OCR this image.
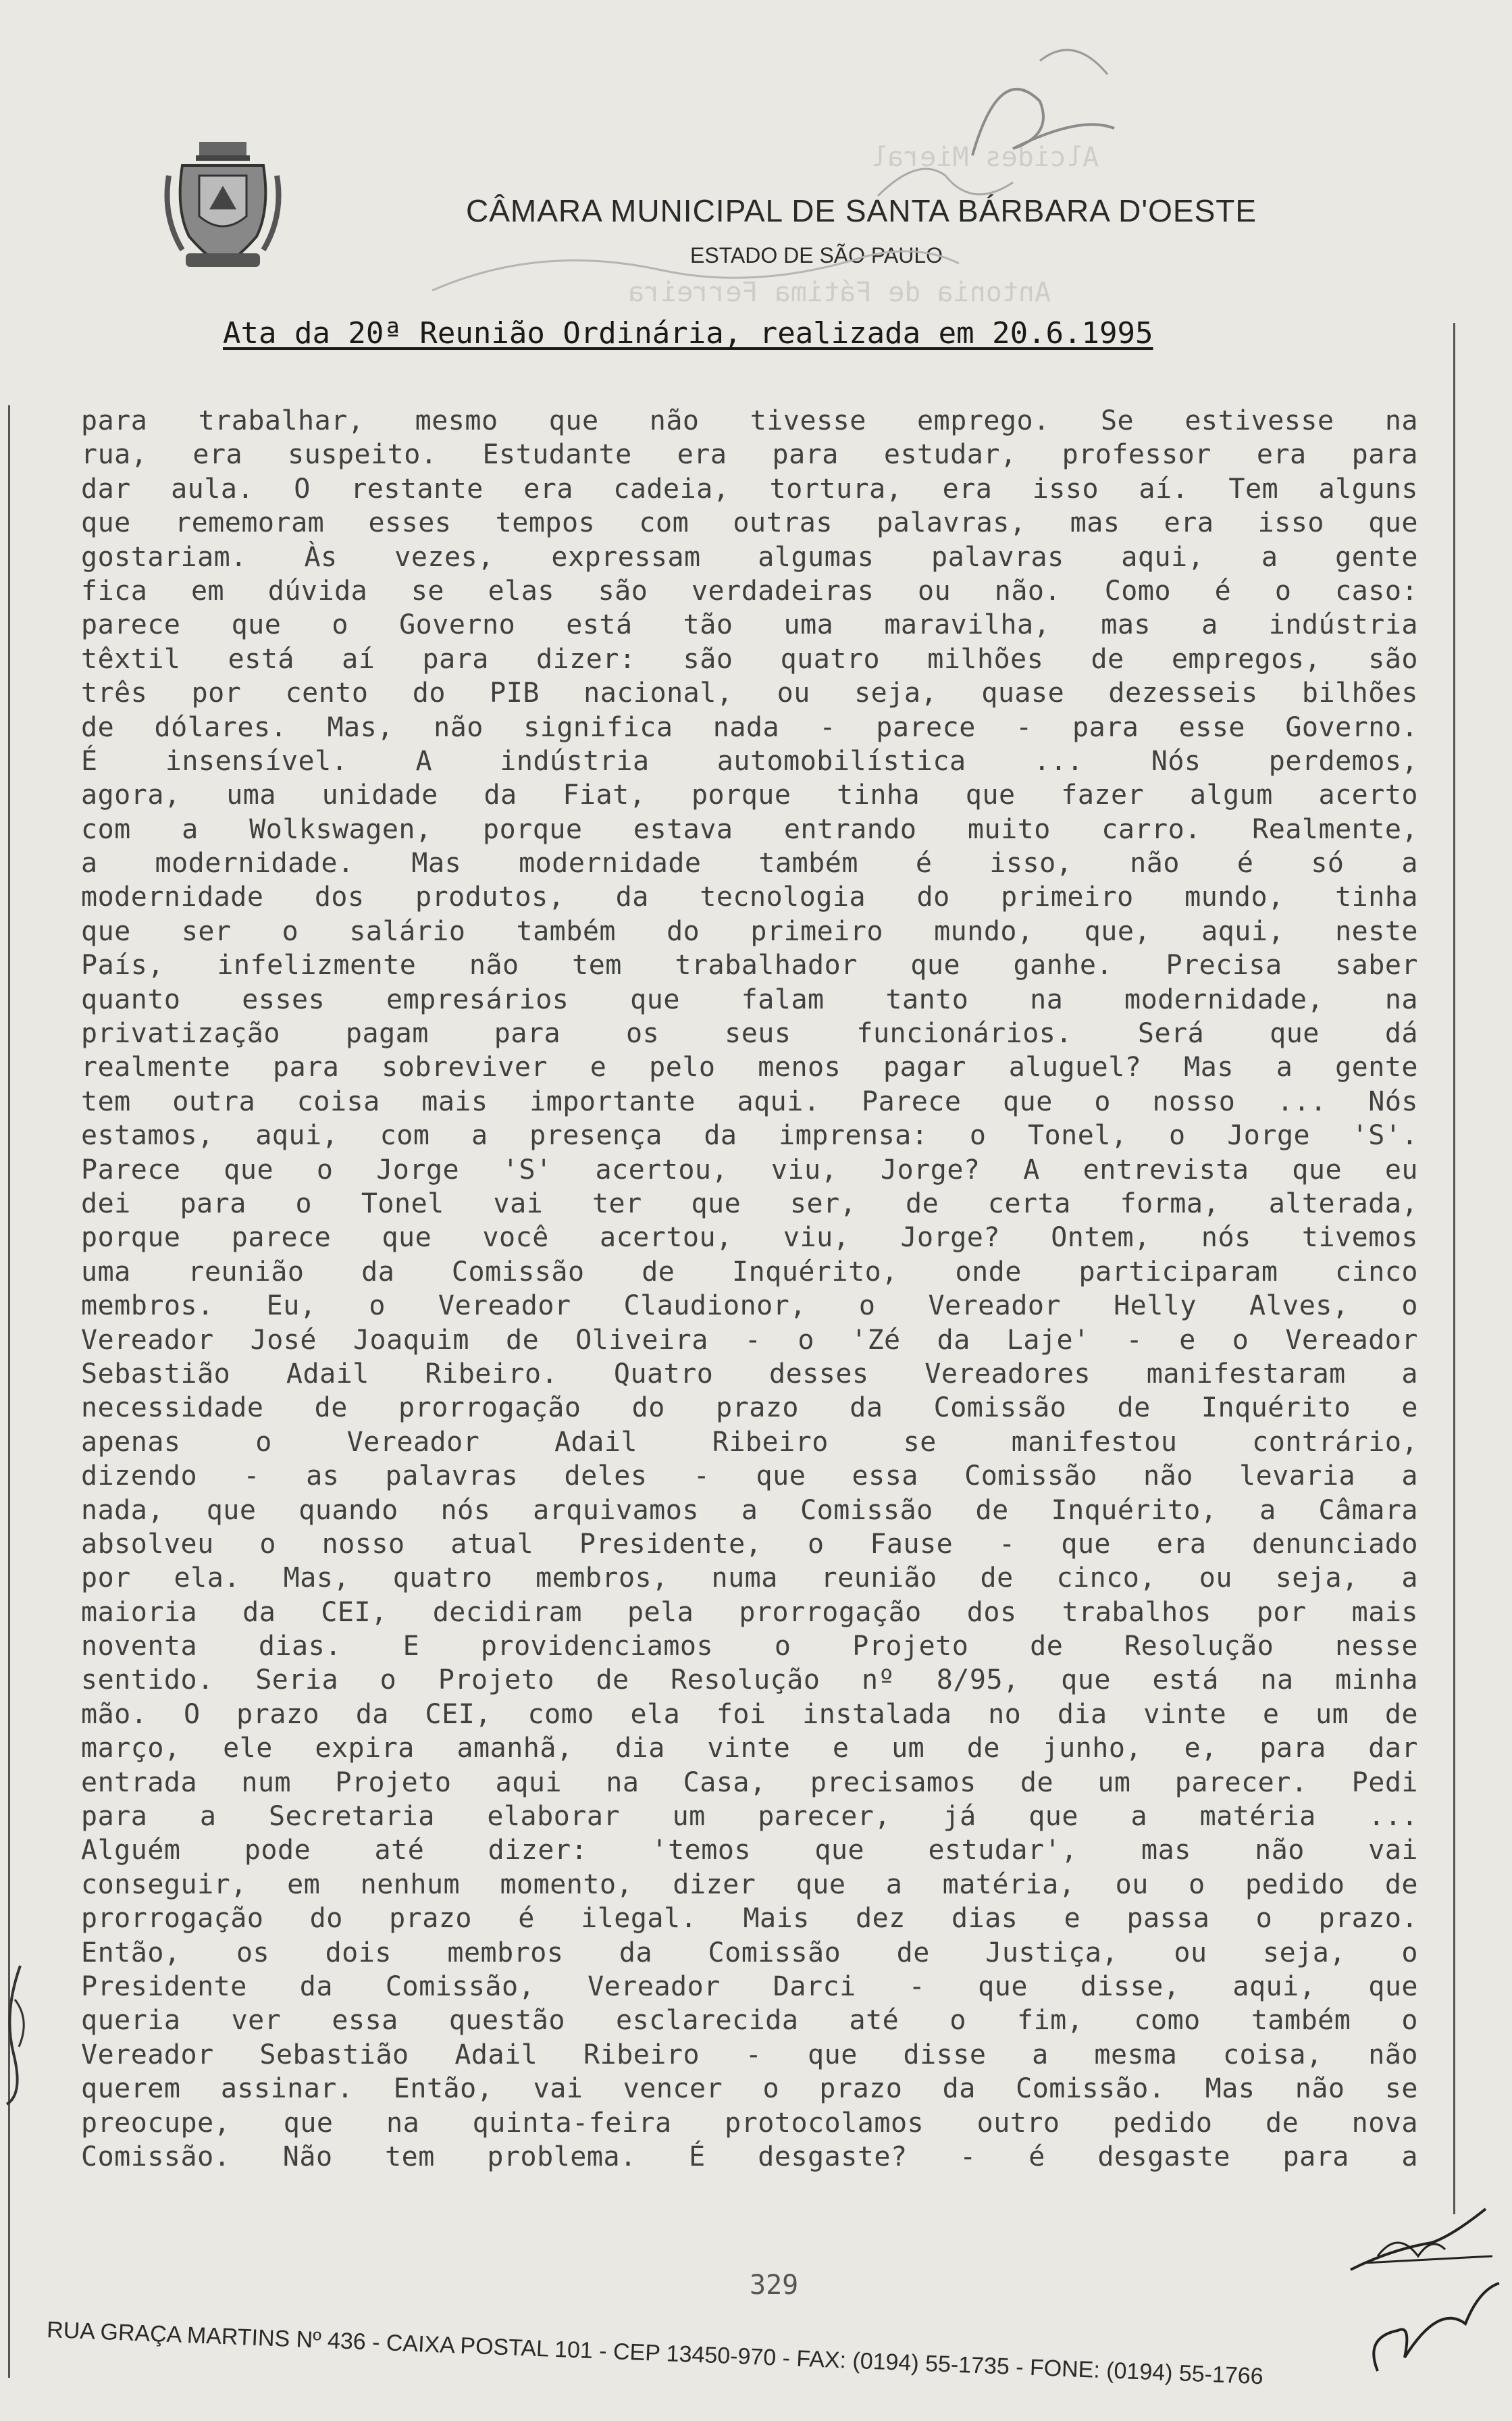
Alcides Mieral
Antonia de Fátima Ferreira
CÂMARA MUNICIPAL DE SANTA BÁRBARA D'OESTE
ESTADO DE SÃO PAULO
Ata da 20ª Reunião Ordinária, realizada em 20.6.1995
para trabalhar, mesmo que não tivesse emprego. Se estivesse na
rua, era suspeito. Estudante era para estudar, professor era para
dar aula. O restante era cadeia, tortura, era isso aí. Tem alguns
que rememoram esses tempos com outras palavras, mas era isso que
gostariam. Às vezes, expressam algumas palavras aqui, a gente
fica em dúvida se elas são verdadeiras ou não. Como é o caso:
parece que o Governo está tão uma maravilha, mas a indústria
têxtil está aí para dizer: são quatro milhões de empregos, são
três por cento do PIB nacional, ou seja, quase dezesseis bilhões
de dólares. Mas, não significa nada - parece - para esse Governo.
É insensível. A indústria automobilística ... Nós perdemos,
agora, uma unidade da Fiat, porque tinha que fazer algum acerto
com a Wolkswagen, porque estava entrando muito carro. Realmente,
a modernidade. Mas modernidade também é isso, não é só a
modernidade dos produtos, da tecnologia do primeiro mundo, tinha
que ser o salário também do primeiro mundo, que, aqui, neste
País, infelizmente não tem trabalhador que ganhe. Precisa saber
quanto esses empresários que falam tanto na modernidade, na
privatização pagam para os seus funcionários. Será que dá
realmente para sobreviver e pelo menos pagar aluguel? Mas a gente
tem outra coisa mais importante aqui. Parece que o nosso ... Nós
estamos, aqui, com a presença da imprensa: o Tonel, o Jorge 'S'.
Parece que o Jorge 'S' acertou, viu, Jorge? A entrevista que eu
dei para o Tonel vai ter que ser, de certa forma, alterada,
porque parece que você acertou, viu, Jorge? Ontem, nós tivemos
uma reunião da Comissão de Inquérito, onde participaram cinco
membros. Eu, o Vereador Claudionor, o Vereador Helly Alves, o
Vereador José Joaquim de Oliveira - o 'Zé da Laje' - e o Vereador
Sebastião Adail Ribeiro. Quatro desses Vereadores manifestaram a
necessidade de prorrogação do prazo da Comissão de Inquérito e
apenas o Vereador Adail Ribeiro se manifestou contrário,
dizendo - as palavras deles - que essa Comissão não levaria a
nada, que quando nós arquivamos a Comissão de Inquérito, a Câmara
absolveu o nosso atual Presidente, o Fause - que era denunciado
por ela. Mas, quatro membros, numa reunião de cinco, ou seja, a
maioria da CEI, decidiram pela prorrogação dos trabalhos por mais
noventa dias. E providenciamos o Projeto de Resolução nesse
sentido. Seria o Projeto de Resolução nº 8/95, que está na minha
mão. O prazo da CEI, como ela foi instalada no dia vinte e um de
março, ele expira amanhã, dia vinte e um de junho, e, para dar
entrada num Projeto aqui na Casa, precisamos de um parecer. Pedi
para a Secretaria elaborar um parecer, já que a matéria ...
Alguém pode até dizer: 'temos que estudar', mas não vai
conseguir, em nenhum momento, dizer que a matéria, ou o pedido de
prorrogação do prazo é ilegal. Mais dez dias e passa o prazo.
Então, os dois membros da Comissão de Justiça, ou seja, o
Presidente da Comissão, Vereador Darci - que disse, aqui, que
queria ver essa questão esclarecida até o fim, como também o
Vereador Sebastião Adail Ribeiro - que disse a mesma coisa, não
querem assinar. Então, vai vencer o prazo da Comissão. Mas não se
preocupe, que na quinta-feira protocolamos outro pedido de nova
Comissão. Não tem problema. É desgaste? - é desgaste para a
329
RUA GRAÇA MARTINS Nº 436 - CAIXA POSTAL 101 - CEP 13450-970 - FAX: (0194) 55-1735 - FONE: (0194) 55-1766
